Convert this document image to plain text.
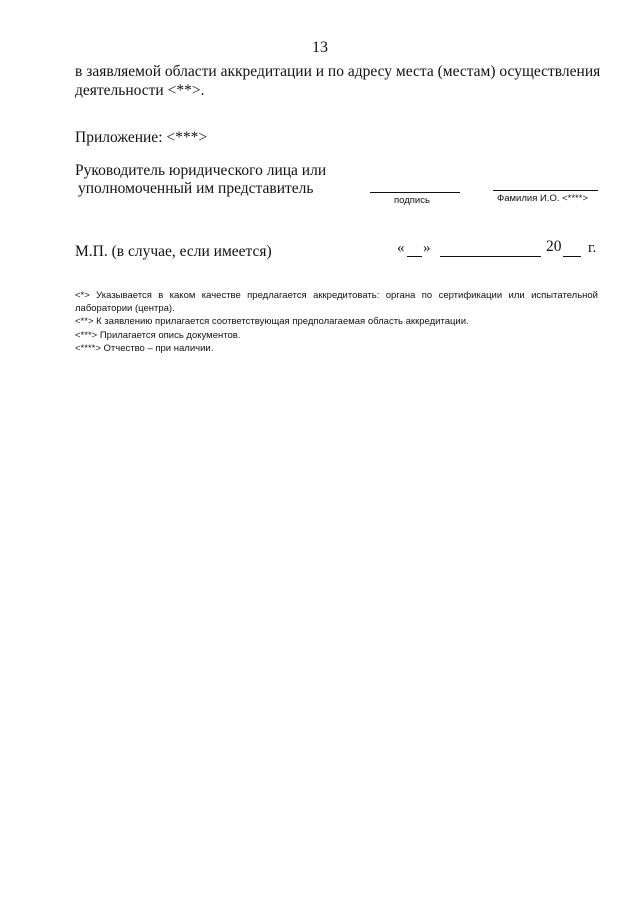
13
в заявляемой области аккредитации и по адресу места (местам) осуществления
деятельности <**>.
Приложение: <***>
Руководитель юридического лица или
уполномоченный им представитель
подпись	Фамилия И.О. <****>
М.П. (в случае, если имеется)	« »	20 г.
<*> Указывается в каком качестве предлагается аккредитовать: органа по сертификации или испытательной
лаборатории (центра).
<**> К заявлению прилагается соответствующая предполагаемая область аккредитации.
<***> Прилагается опись документов.
<****> Отчество – при наличии.
